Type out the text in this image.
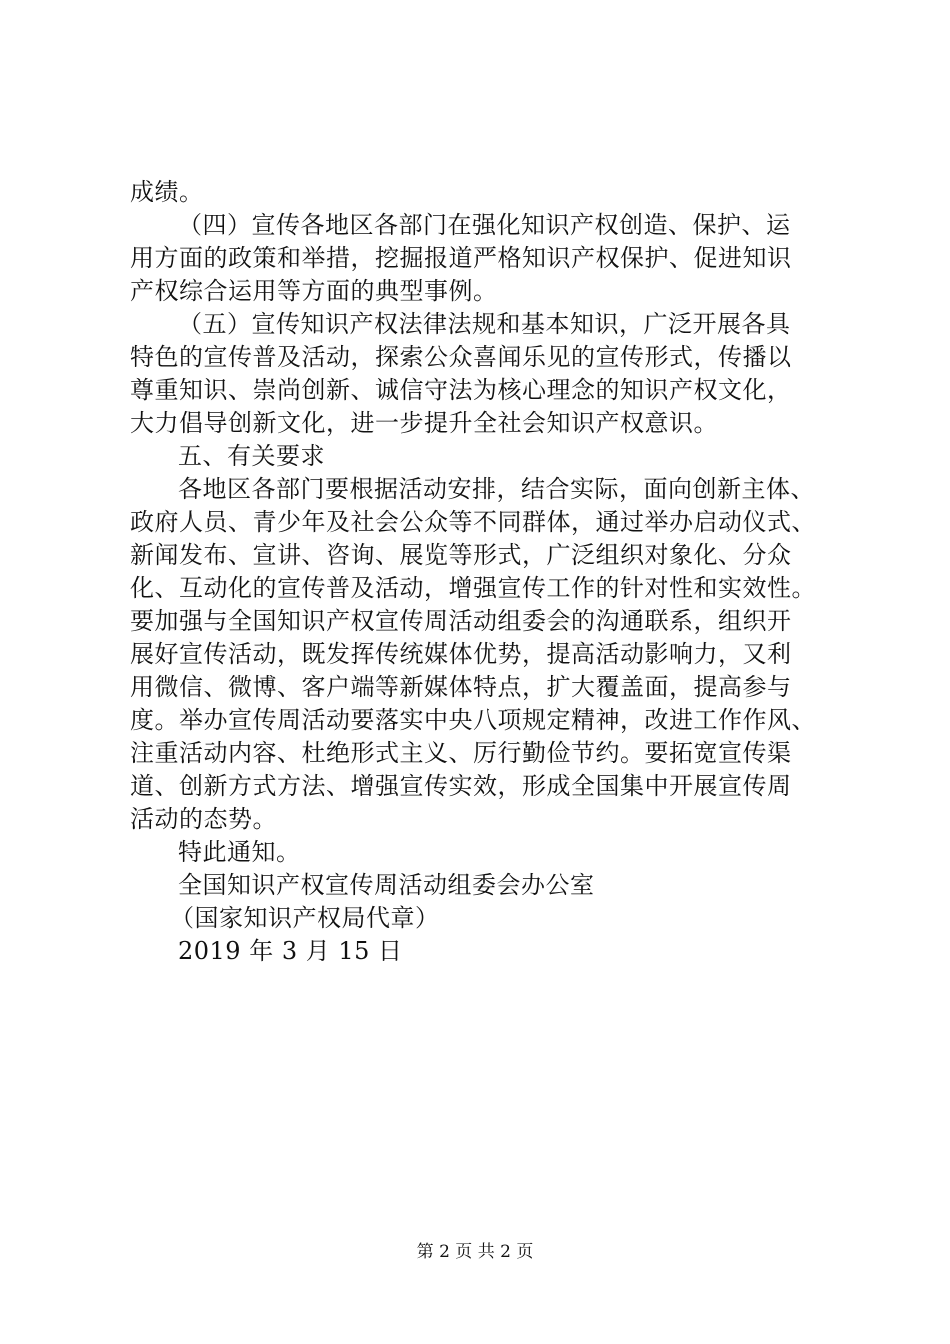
成绩。
（四）宣传各地区各部门在强化知识产权创造、保护、运
用方面的政策和举措，挖掘报道严格知识产权保护、促进知识
产权综合运用等方面的典型事例。
（五）宣传知识产权法律法规和基本知识，广泛开展各具
特色的宣传普及活动，探索公众喜闻乐见的宣传形式，传播以
尊重知识、崇尚创新、诚信守法为核心理念的知识产权文化，
大力倡导创新文化，进一步提升全社会知识产权意识。
五、有关要求
各地区各部门要根据活动安排，结合实际，面向创新主体、
政府人员、青少年及社会公众等不同群体，通过举办启动仪式、
新闻发布、宣讲、咨询、展览等形式，广泛组织对象化、分众
化、互动化的宣传普及活动，增强宣传工作的针对性和实效性。
要加强与全国知识产权宣传周活动组委会的沟通联系，组织开
展好宣传活动，既发挥传统媒体优势，提高活动影响力，又利
用微信、微博、客户端等新媒体特点，扩大覆盖面，提高参与
度。举办宣传周活动要落实中央八项规定精神，改进工作作风、
注重活动内容、杜绝形式主义、厉行勤俭节约。要拓宽宣传渠
道、创新方式方法、增强宣传实效，形成全国集中开展宣传周
活动的态势。
特此通知。
全国知识产权宣传周活动组委会办公室
（国家知识产权局代章）
2019 年 3 月 15 日
第 2 页 共 2 页
